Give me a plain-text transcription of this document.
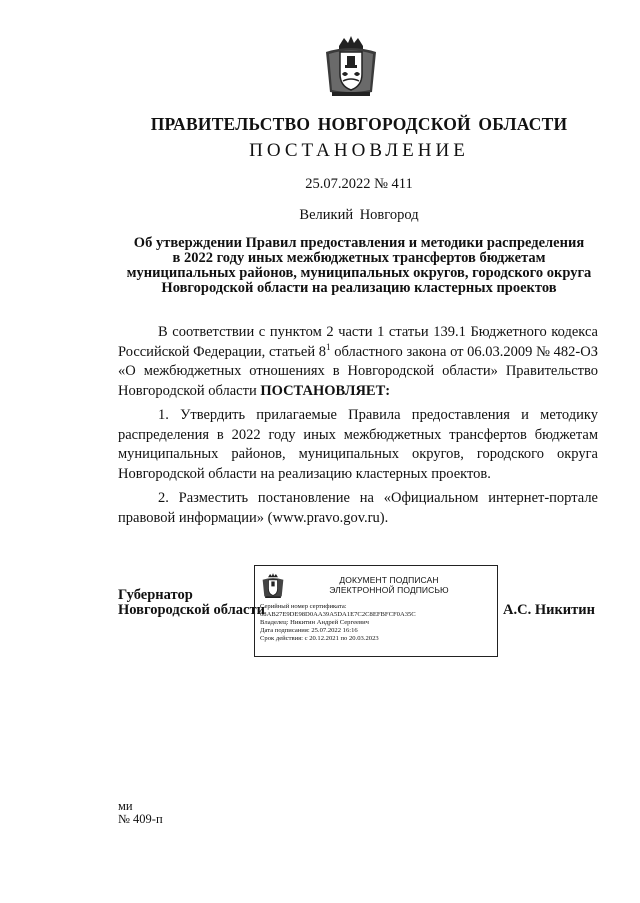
ПРАВИТЕЛЬСТВО НОВГОРОДСКОЙ ОБЛАСТИ
ПОСТАНОВЛЕНИЕ
25.07.2022 № 411
Великий Новгород
Об утверждении Правил предоставления и методики распределения
в 2022 году иных межбюджетных трансфертов бюджетам
муниципальных районов, муниципальных округов, городского округа
Новгородской области на реализацию кластерных проектов

В соответствии с пунктом 2 части 1 статьи 139.1 Бюджетного кодекса Российской Федерации, статьей $8^1$ областного закона от 06.03.2009 № 482-ОЗ «О межбюджетных отношениях в Новгородской области» Правительство Новгородской области ПОСТАНОВЛЯЕТ:

1. Утвердить прилагаемые Правила предоставления и методику распределения в 2022 году иных межбюджетных трансфертов бюджетам муниципальных районов, муниципальных округов, городского округа Новгородской области на реализацию кластерных проектов.

2. Разместить постановление на «Официальном интернет-портале правовой информации» (www.pravo.gov.ru).

Губернатор
Новгородской области
ДОКУМЕНТ ПОДПИСАН
ЭЛЕКТРОННОЙ ПОДПИСЬЮ
Серийный номер сертификата:
68AB27E9DE98D0AA39A5DA1E7C2C8EFBFCF0A35C
Владелец: Никитин Андрей Сергеевич
Дата подписания: 25.07.2022 16:16
Срок действия: с 20.12.2021 по 20.03.2023
А.С. Никитин
ми
№ 409-п
